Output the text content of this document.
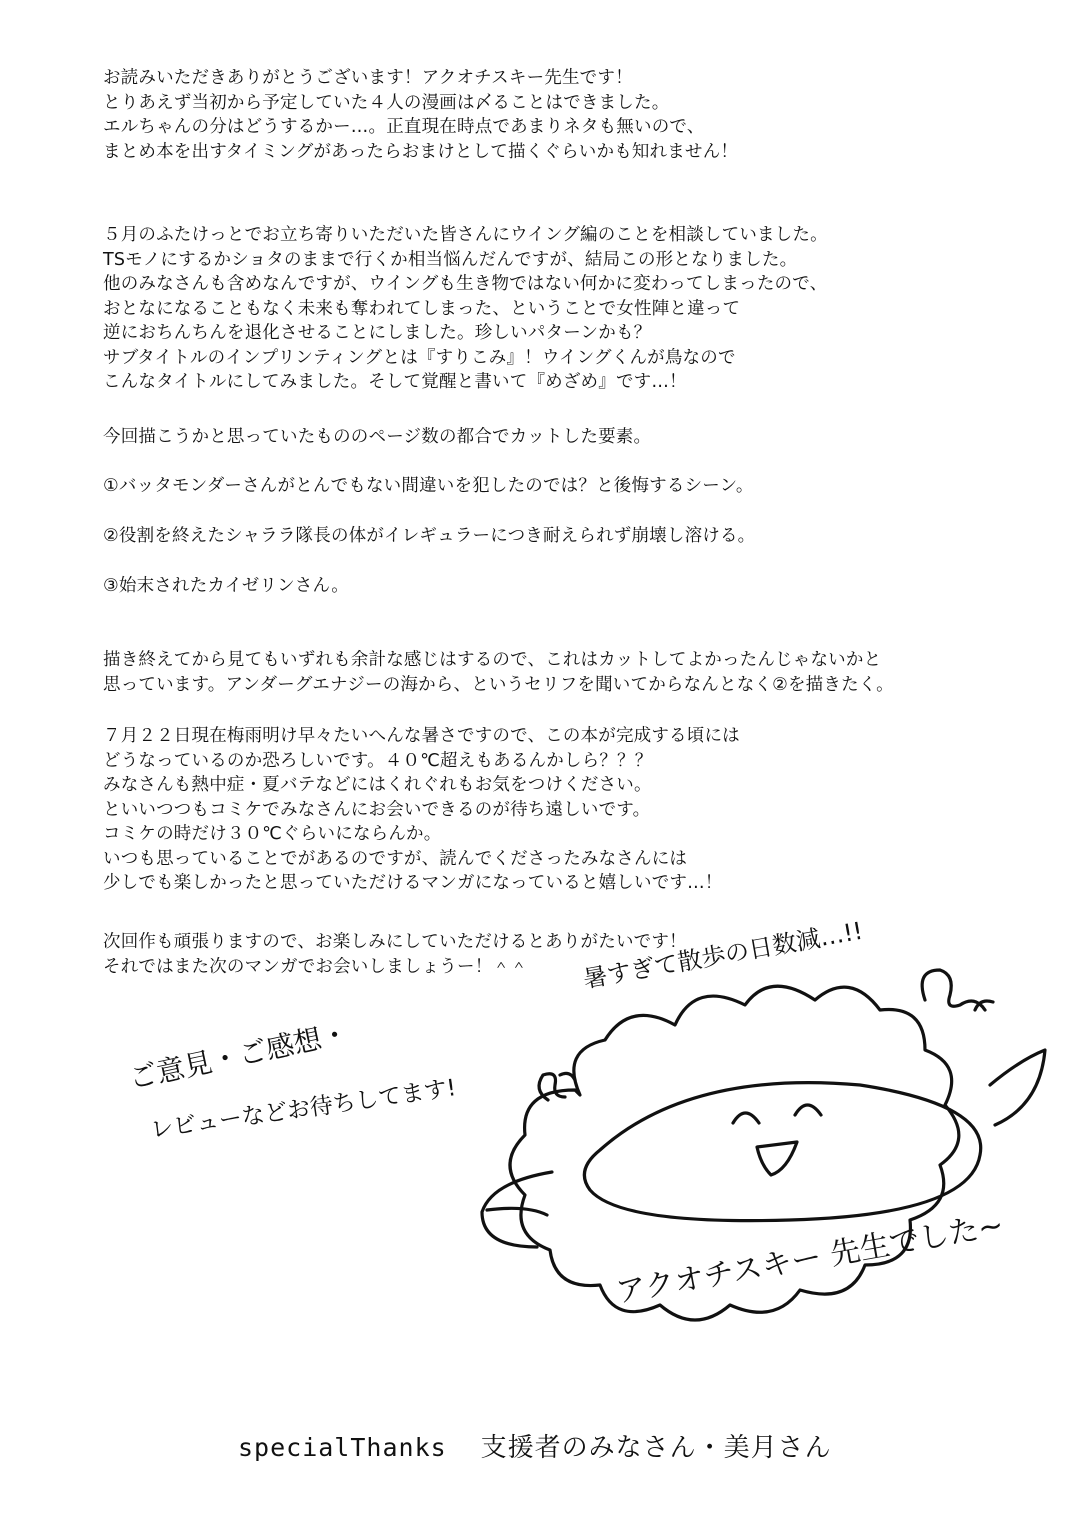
お読みいただきありがとうございます！アクオチスキー先生です！
とりあえず当初から予定していた４人の漫画は〆ることはできました。
エルちゃんの分はどうするかー…。正直現在時点であまりネタも無いので、
まとめ本を出すタイミングがあったらおまけとして描くぐらいかも知れません！

５月のふたけっとでお立ち寄りいただいた皆さんにウイング編のことを相談していました。
TSモノにするかショタのままで行くか相当悩んだんですが、結局この形となりました。
他のみなさんも含めなんですが、ウイングも生き物ではない何かに変わってしまったので、
おとなになることもなく未来も奪われてしまった、ということで女性陣と違って
逆におちんちんを退化させることにしました。珍しいパターンかも？
サブタイトルのインプリンティングとは『すりこみ』！ウイングくんが鳥なので
こんなタイトルにしてみました。そして覚醒と書いて『めざめ』です…！

今回描こうかと思っていたもののページ数の都合でカットした要素。

①バッタモンダーさんがとんでもない間違いを犯したのでは？と後悔するシーン。

②役割を終えたシャララ隊長の体がイレギュラーにつき耐えられず崩壊し溶ける。

③始末されたカイゼリンさん。

描き終えてから見てもいずれも余計な感じはするので、これはカットしてよかったんじゃないかと
思っています。アンダーグエナジーの海から、というセリフを聞いてからなんとなく②を描きたく。

７月２２日現在梅雨明け早々たいへんな暑さですので、この本が完成する頃には
どうなっているのか恐ろしいです。４０℃超えもあるんかしら？？？
みなさんも熱中症・夏バテなどにはくれぐれもお気をつけください。
といいつつもコミケでみなさんにお会いできるのが待ち遠しいです。
コミケの時だけ３０℃ぐらいにならんか。
いつも思っていることでがあるのですが、読んでくださったみなさんには
少しでも楽しかったと思っていただけるマンガになっていると嬉しいです…！

次回作も頑張りますので、お楽しみにしていただけるとありがたいです！
それではまた次のマンガでお会いしましょうー！＾＾	暑すぎて散歩の日数減…!!
ご意見・ご感想・
レビューなどお待ちしてます!
アクオチスキー 先生でした~
specialThanks 支援者のみなさん・美月さん
